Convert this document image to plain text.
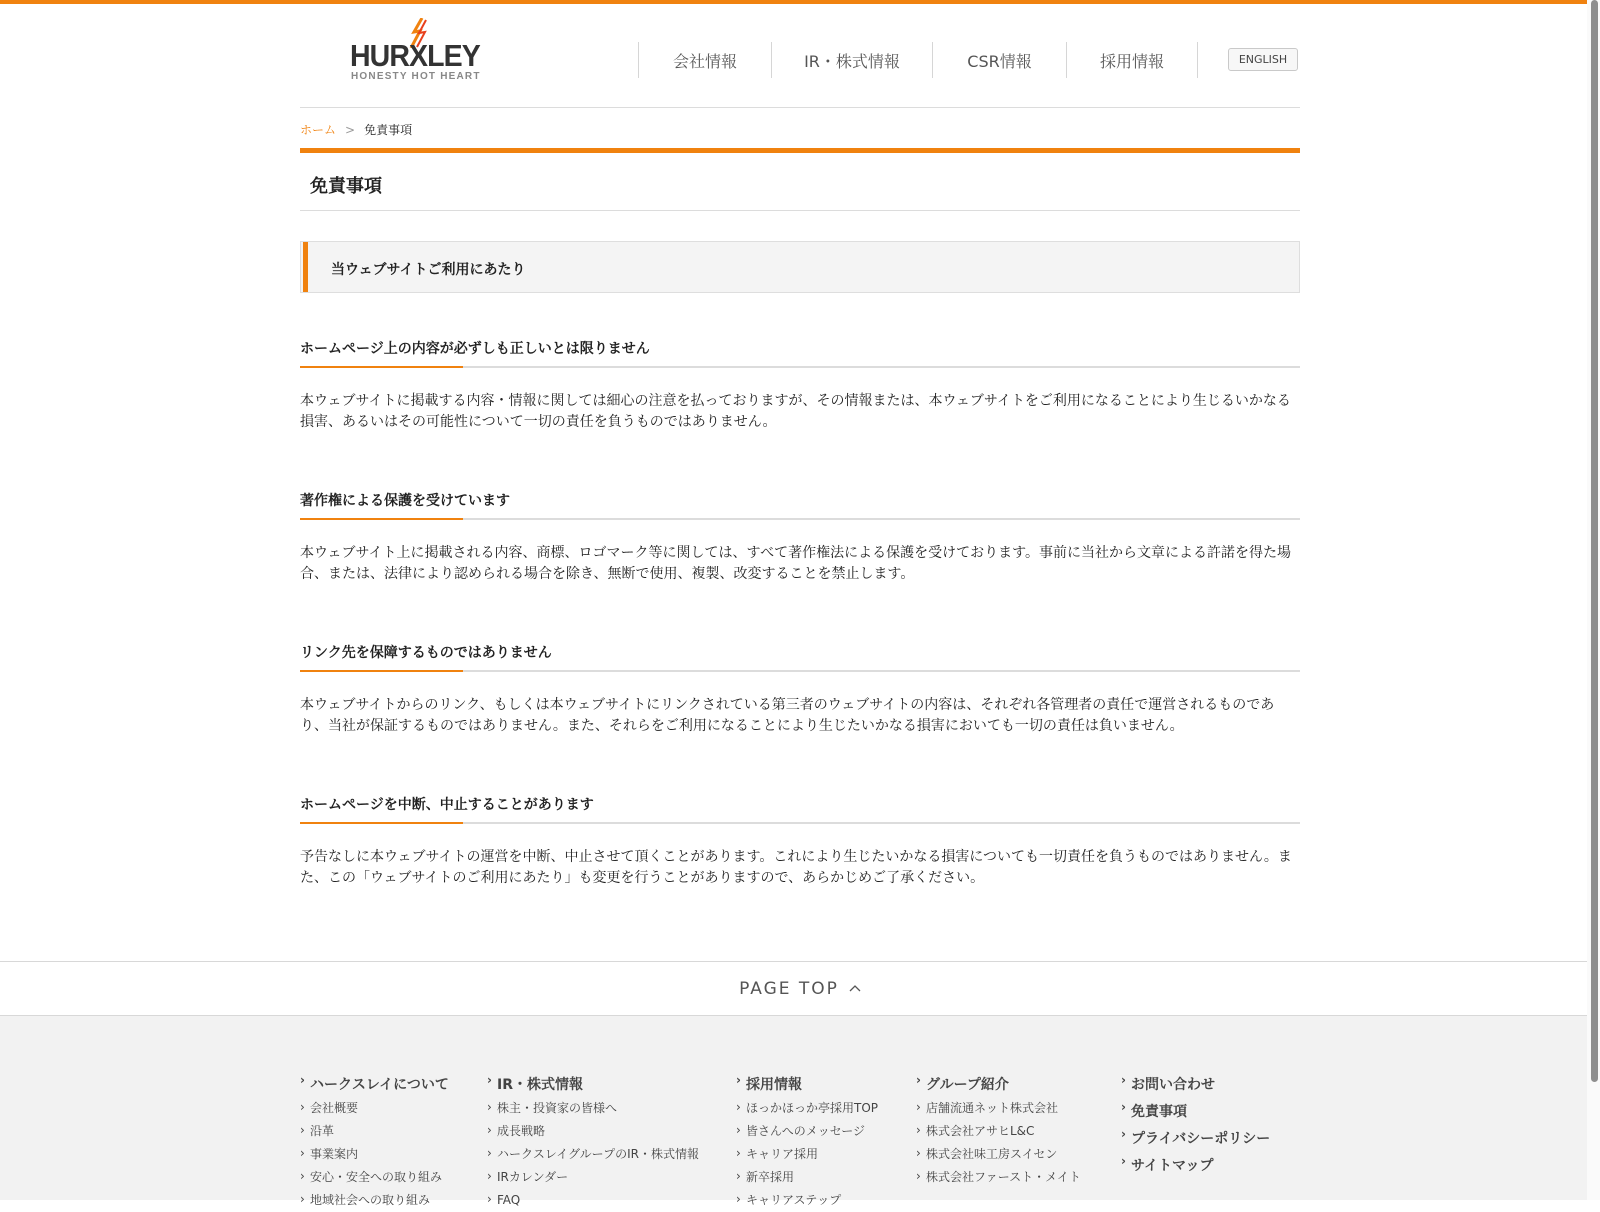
HURXLEY
HONESTY HOT HEART
会社情報	IR・株式情報	CSR情報	採用情報	ENGLISH
ホーム > 免責事項
免責事項
当ウェブサイトご利用にあたり
ホームページ上の内容が必ずしも正しいとは限りません

本ウェブサイトに掲載する内容・情報に関しては細心の注意を払っておりますが、その情報または、本ウェブサイトをご利用になることにより生じるいかなる損害、あるいはその可能性について一切の責任を負うものではありません。

著作権による保護を受けています

本ウェブサイト上に掲載される内容、商標、ロゴマーク等に関しては、すべて著作権法による保護を受けております。事前に当社から文章による許諾を得た場合、または、法律により認められる場合を除き、無断で使用、複製、改変することを禁止します。

リンク先を保障するものではありません

本ウェブサイトからのリンク、もしくは本ウェブサイトにリンクされている第三者のウェブサイトの内容は、それぞれ各管理者の責任で運営されるものであり、当社が保証するものではありません。また、それらをご利用になることにより生じたいかなる損害においても一切の責任は負いません。

ホームページを中断、中止することがあります

予告なしに本ウェブサイトの運営を中断、中止させて頂くことがあります。これにより生じたいかなる損害についても一切責任を負うものではありません。また、この「ウェブサイトのご利用にあたり」も変更を行うことがありますので、あらかじめご了承ください。

PAGE TOP
› ハークスレイについて
› 会社概要
› 沿革
› 事業案内
› 安心・安全への取り組み
› 地域社会への取り組み
› IR・株式情報
› 株主・投資家の皆様へ
› 成長戦略
› ハークスレイグループのIR・株式情報
› IRカレンダー
› FAQ
› 採用情報
› ほっかほっか亭採用TOP
› 皆さんへのメッセージ
› キャリア採用
› 新卒採用
› キャリアステップ
› グループ紹介
› 店舗流通ネット株式会社
› 株式会社アサヒL&C
› 株式会社味工房スイセン
› 株式会社ファースト・メイト
› お問い合わせ
› 免責事項
› プライバシーポリシー
› サイトマップ
